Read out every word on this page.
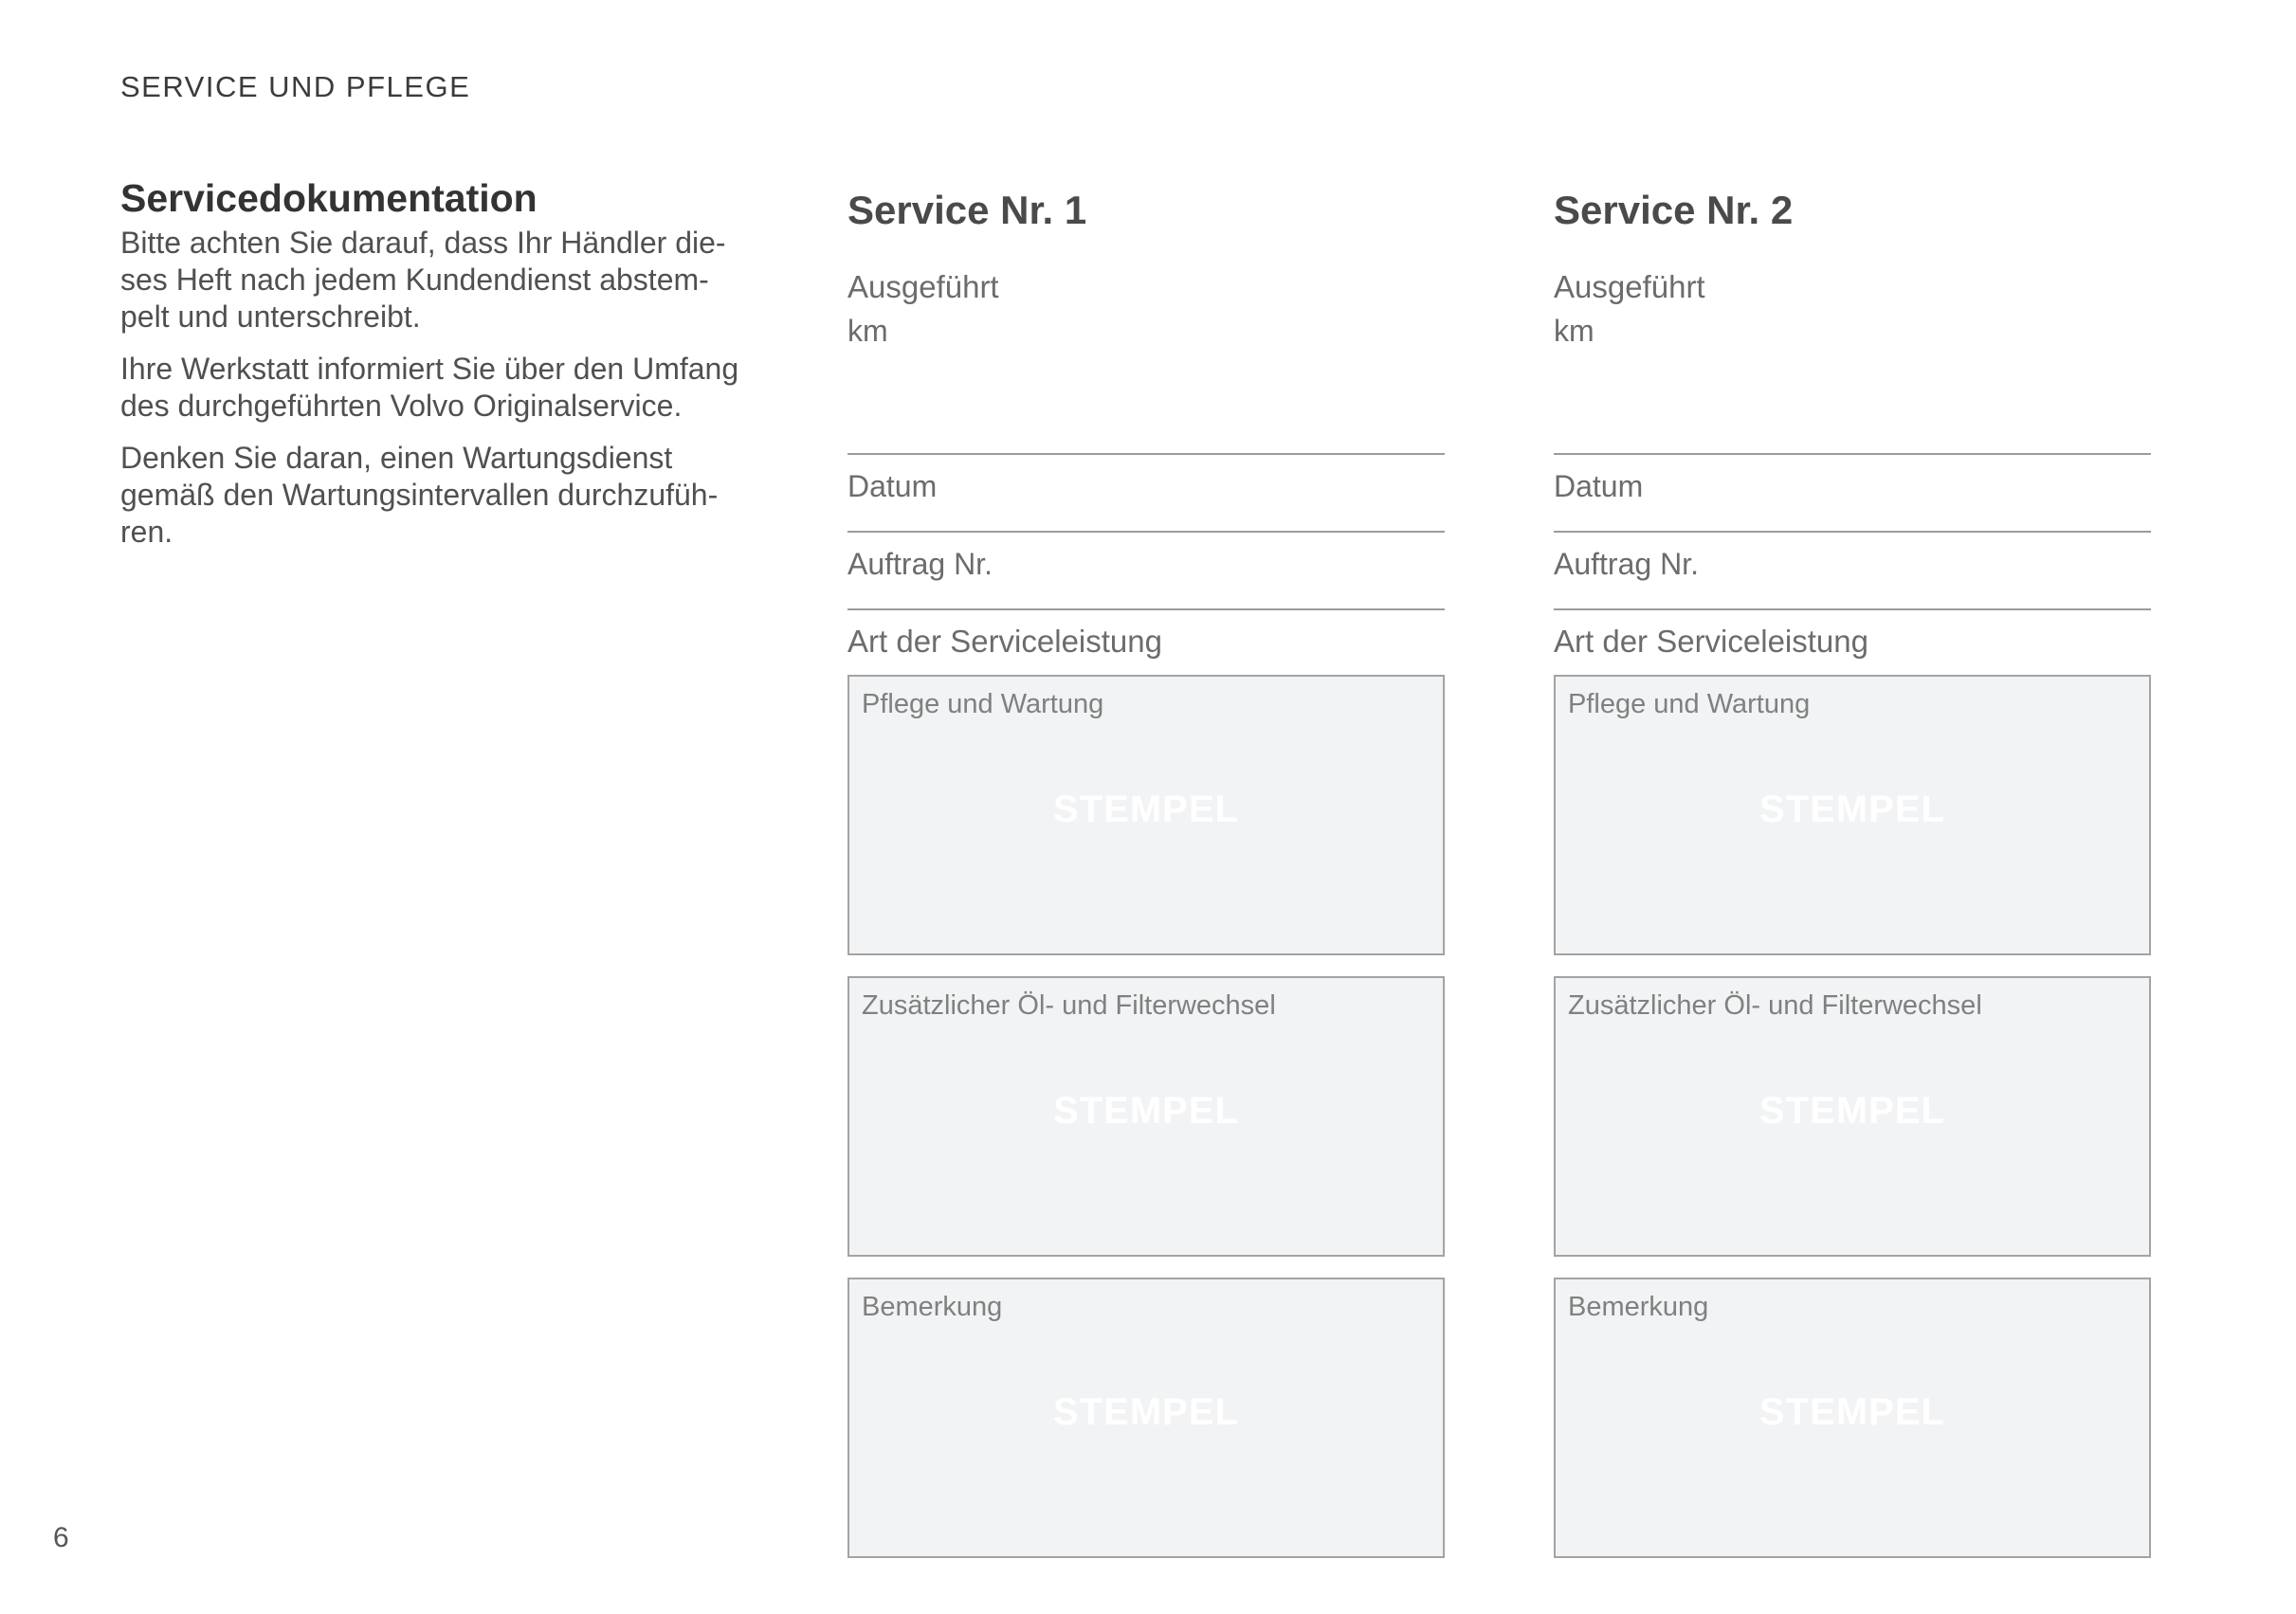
SERVICE UND PFLEGE
Servicedokumentation

Bitte achten Sie darauf, dass Ihr Händler die-
ses Heft nach jedem Kundendienst abstem-
pelt und unterschreibt.

Ihre Werkstatt informiert Sie über den Umfang
des durchgeführten Volvo Originalservice.

Denken Sie daran, einen Wartungsdienst
gemäß den Wartungsintervallen durchzufüh-
ren.

Service Nr. 1
Ausgeführt
km
Datum
Auftrag Nr.
Art der Serviceleistung
Pflege und Wartung
STEMPEL
Zusätzlicher Öl- und Filterwechsel
STEMPEL
Bemerkung
STEMPEL
Service Nr. 2
Ausgeführt
km
Datum
Auftrag Nr.
Art der Serviceleistung
Pflege und Wartung
STEMPEL
Zusätzlicher Öl- und Filterwechsel
STEMPEL
Bemerkung
STEMPEL
6
